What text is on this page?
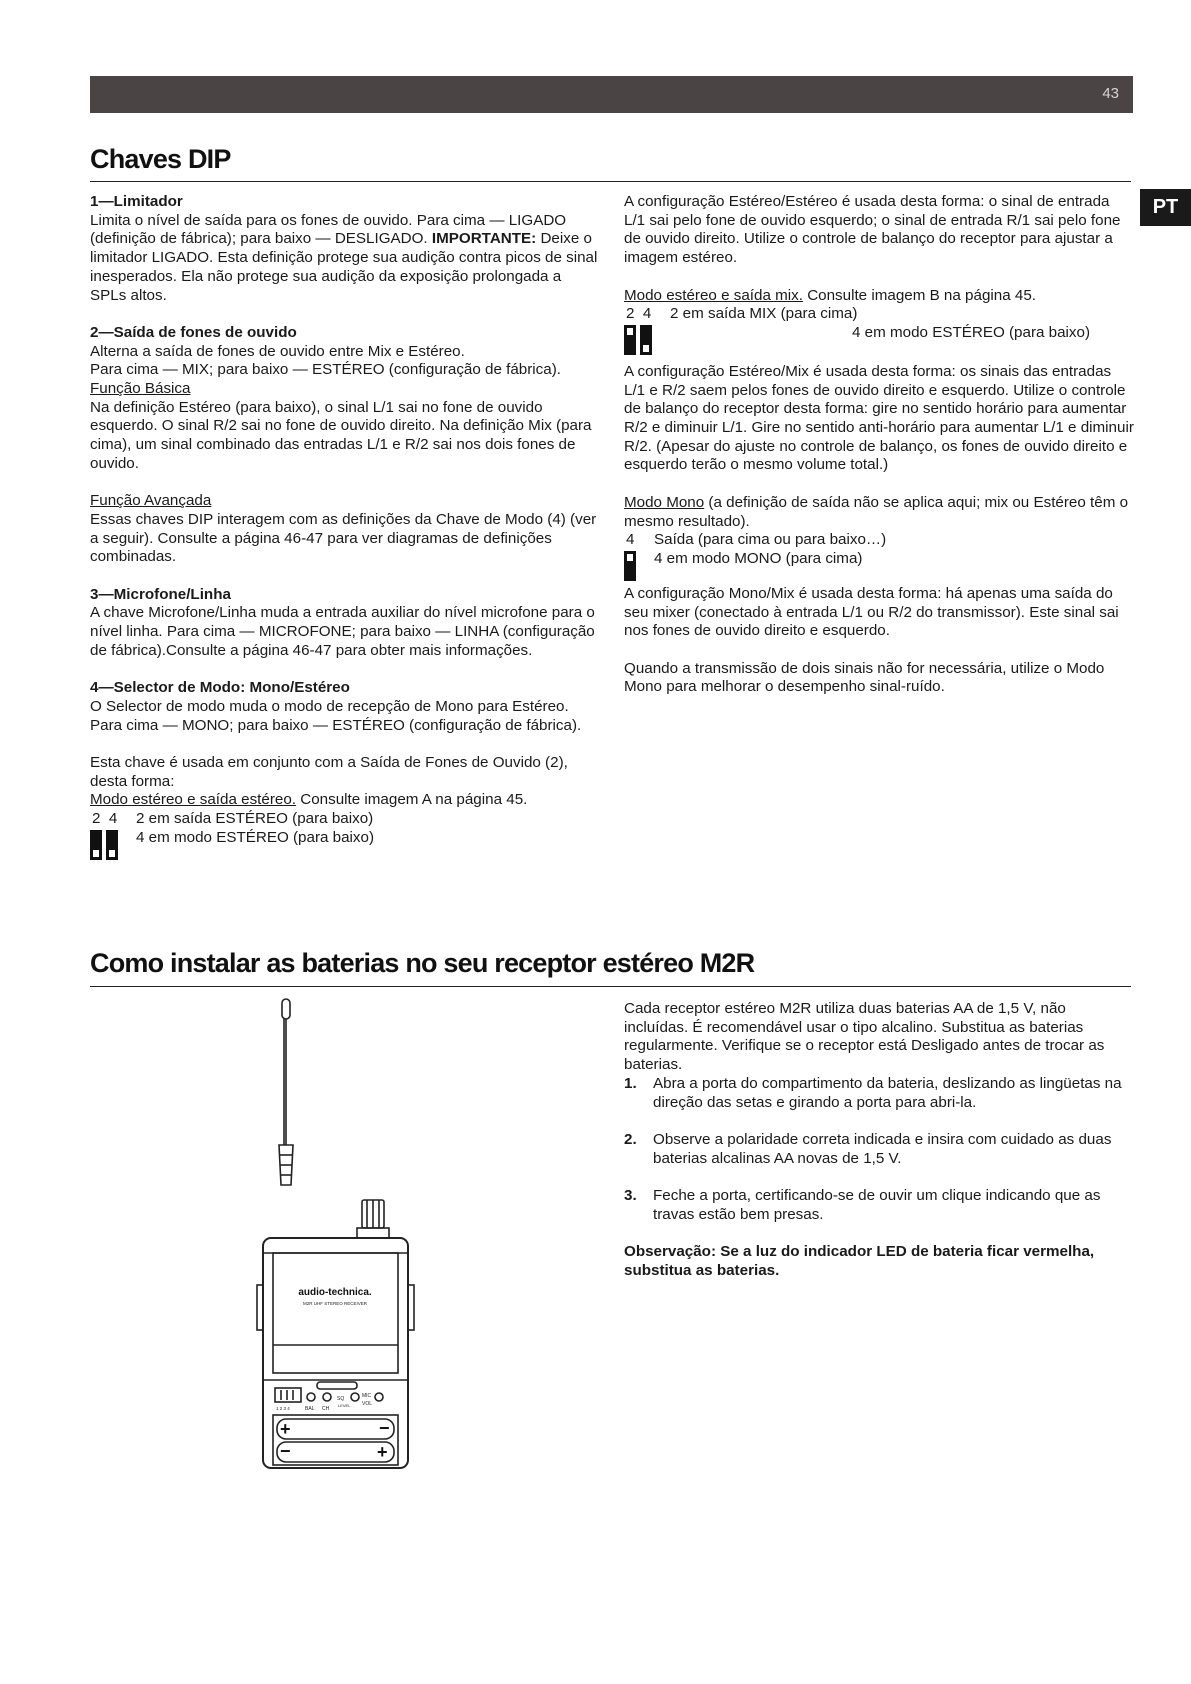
43
PT
Chaves DIP

1—Limitador

Limita o nível de saída para os fones de ouvido. Para cima — LIGADO (definição de fábrica); para baixo — DESLIGADO. IMPORTANTE: Deixe o limitador LIGADO. Esta definição protege sua audição contra picos de sinal inesperados. Ela não protege sua audição da exposição prolongada a SPLs altos.

2—Saída de fones de ouvido

Alterna a saída de fones de ouvido entre Mix e Estéreo.

Para cima — MIX; para baixo — ESTÉREO (configuração de fábrica).

Função Básica

Na definição Estéreo (para baixo), o sinal L/1 sai no fone de ouvido esquerdo. O sinal R/2 sai no fone de ouvido direito. Na definição Mix (para cima), um sinal combinado das entradas L/1 e R/2 sai nos dois fones de ouvido.

Função Avançada

Essas chaves DIP interagem com as definições da Chave de Modo (4) (ver a seguir). Consulte a página 46-47 para ver diagramas de definições combinadas.

3—Microfone/Linha

A chave Microfone/Linha muda a entrada auxiliar do nível microfone para o nível linha. Para cima — MICROFONE; para baixo — LINHA (configuração de fábrica).Consulte a página 46-47 para obter mais informações.

4—Selector de Modo: Mono/Estéreo

O Selector de modo muda o modo de recepção de Mono para Estéreo. Para cima — MONO; para baixo — ESTÉREO (configuração de fábrica).

Esta chave é usada em conjunto com a Saída de Fones de Ouvido (2), desta forma:

Modo estéreo e saída estéreo. Consulte imagem A na página 45.

2  4	2 em saída ESTÉREO (para baixo)

4 em modo ESTÉREO (para baixo)

A configuração Estéreo/Estéreo é usada desta forma: o sinal de entrada L/1 sai pelo fone de ouvido esquerdo; o sinal de entrada R/1 sai pelo fone de ouvido direito. Utilize o controle de balanço do receptor para ajustar a imagem estéreo.

Modo estéreo e saída mix. Consulte imagem B na página 45.

2  4	2 em saída MIX (para cima)

4 em modo ESTÉREO (para baixo)

A configuração Estéreo/Mix é usada desta forma: os sinais das entradas L/1 e R/2 saem pelos fones de ouvido direito e esquerdo. Utilize o controle de balanço do receptor desta forma: gire no sentido horário para aumentar R/2 e diminuir L/1. Gire no sentido anti-horário para aumentar L/1 e diminuir R/2. (Apesar do ajuste no controle de balanço, os fones de ouvido direito e esquerdo terão o mesmo volume total.)

Modo Mono (a definição de saída não se aplica aqui; mix ou Estéreo têm o mesmo resultado).

4	Saída (para cima ou para baixo…)

4 em modo MONO (para cima)

A configuração Mono/Mix é usada desta forma: há apenas uma saída do seu mixer (conectado à entrada L/1 ou R/2 do transmissor). Este sinal sai nos fones de ouvido direito e esquerdo.

Quando a transmissão de dois sinais não for necessária, utilize o Modo Mono para melhorar o desempenho sinal-ruído.

Como instalar as baterias no seu receptor estéreo M2R
audio-technica.
M2R UHF STEREO RECEIVER
1 2 3 4	BAL CH
SQ	MIC
LEVEL VOL
+	−
−	+

Cada receptor estéreo M2R utiliza duas baterias AA de 1,5 V, não incluídas. É recomendável usar o tipo alcalino. Substitua as baterias regularmente. Verifique se o receptor está Desligado antes de trocar as baterias.

1.	Abra a porta do compartimento da bateria, deslizando as lingüetas na direção das setas e girando a porta para abri-la.
2.	Observe a polaridade correta indicada e insira com cuidado as duas baterias alcalinas AA novas de 1,5 V.
3.	Feche a porta, certificando-se de ouvir um clique indicando que as travas estão bem presas.

Observação: Se a luz do indicador LED de bateria ficar vermelha, substitua as baterias.
